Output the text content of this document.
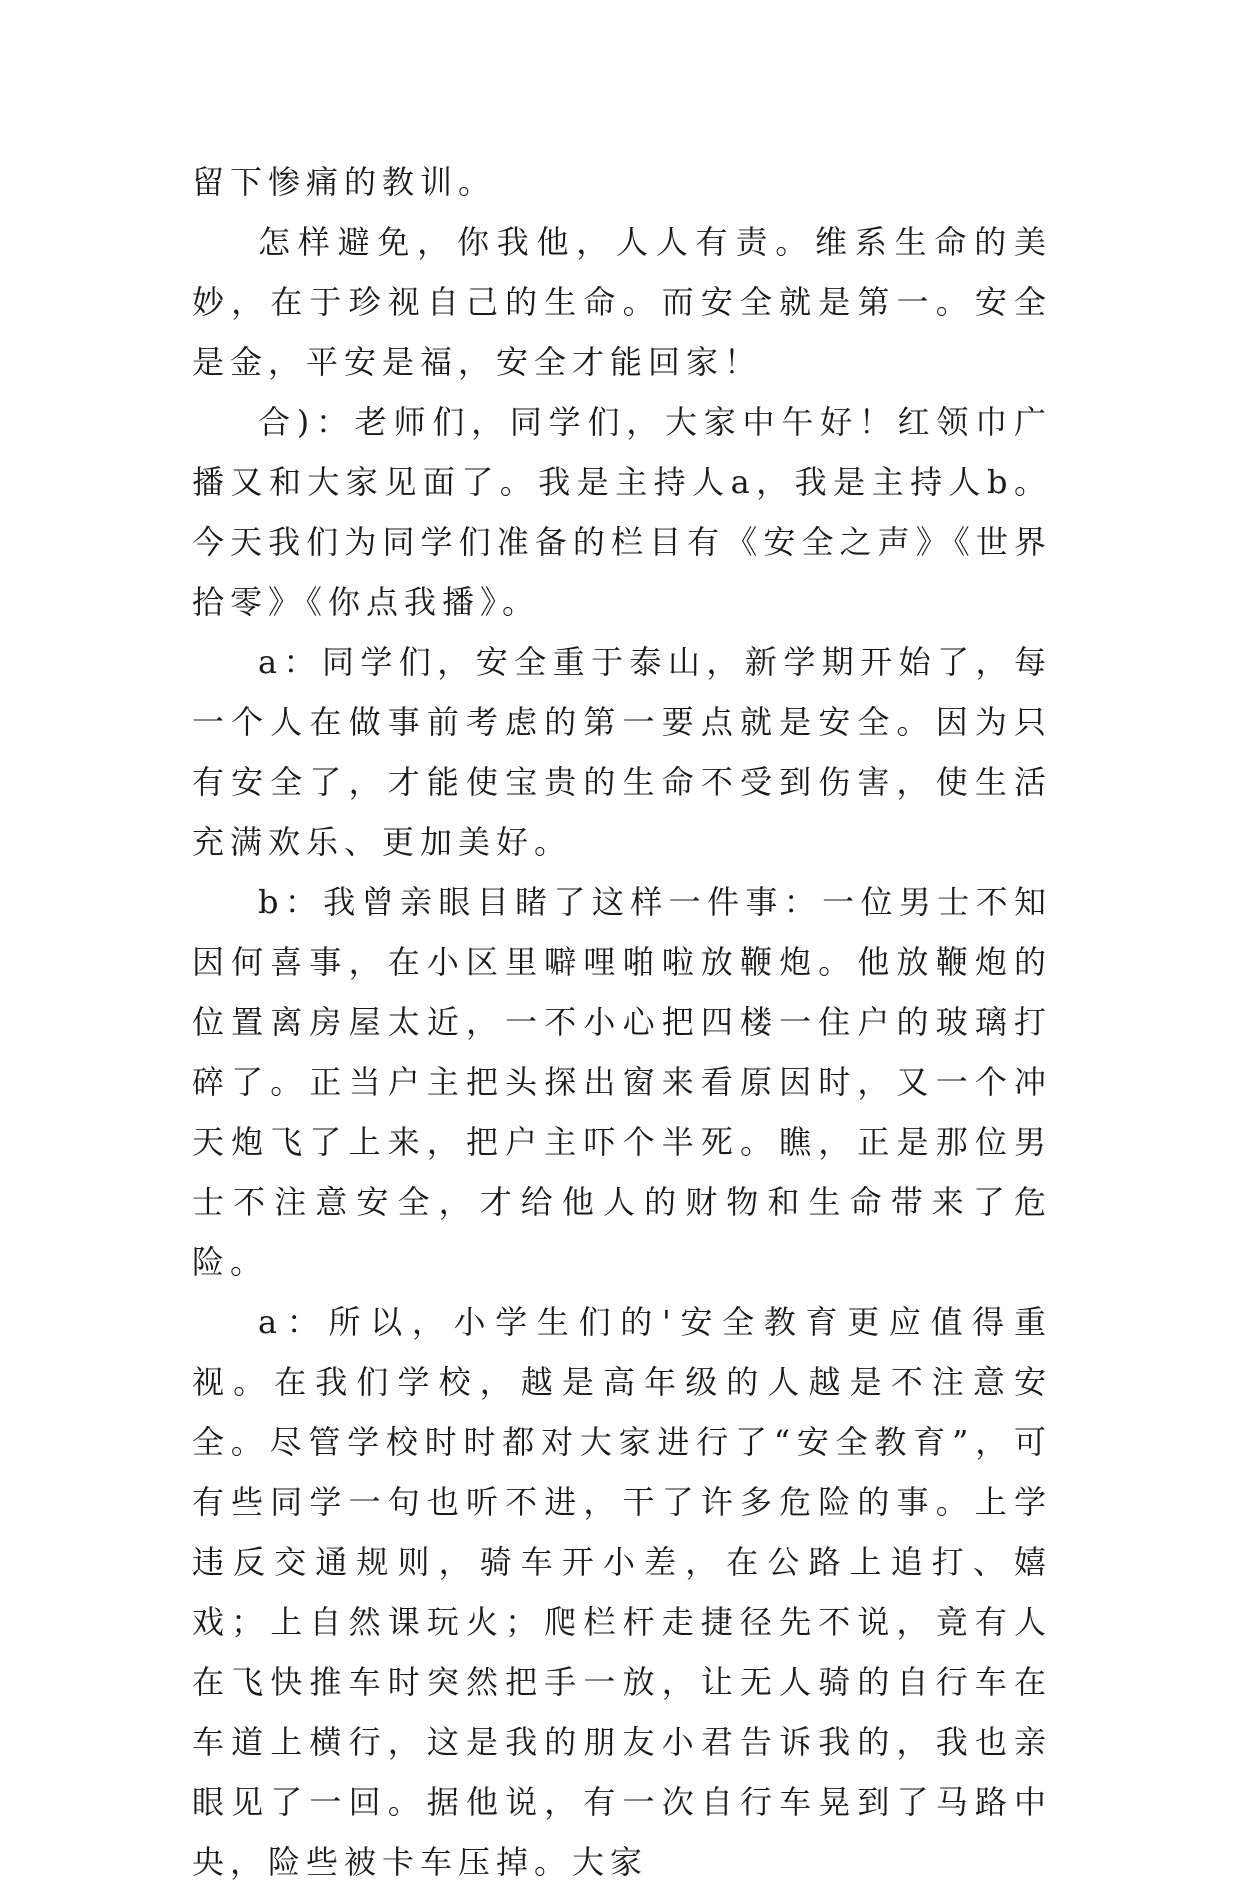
留下惨痛的教训。

怎样避免，你我他，人人有责。维系生命的美妙，在于珍视自己的生命。而安全就是第一。安全是金，平安是福，安全才能回家！

合)：老师们，同学们，大家中午好！红领巾广播又和大家见面了。我是主持人a，我是主持人b。今天我们为同学们准备的栏目有《安全之声》《世界拾零》《你点我播》。

a：同学们，安全重于泰山，新学期开始了，每一个人在做事前考虑的第一要点就是安全。因为只有安全了，才能使宝贵的生命不受到伤害，使生活充满欢乐、更加美好。

b：我曾亲眼目睹了这样一件事：一位男士不知因何喜事，在小区里噼哩啪啦放鞭炮。他放鞭炮的位置离房屋太近，一不小心把四楼一住户的玻璃打碎了。正当户主把头探出窗来看原因时，又一个冲天炮飞了上来，把户主吓个半死。瞧，正是那位男士不注意安全，才给他人的财物和生命带来了危险。

a：所以，小学生们的'安全教育更应值得重视。在我们学校，越是高年级的人越是不注意安全。尽管学校时时都对大家进行了“安全教育”，可有些同学一句也听不进，干了许多危险的事。上学违反交通规则，骑车开小差，在公路上追打、嬉戏；上自然课玩火；爬栏杆走捷径先不说，竟有人在飞快推车时突然把手一放，让无人骑的自行车在车道上横行，这是我的朋友小君告诉我的，我也亲眼见了一回。据他说，有一次自行车晃到了马路中央，险些被卡车压掉。大家
